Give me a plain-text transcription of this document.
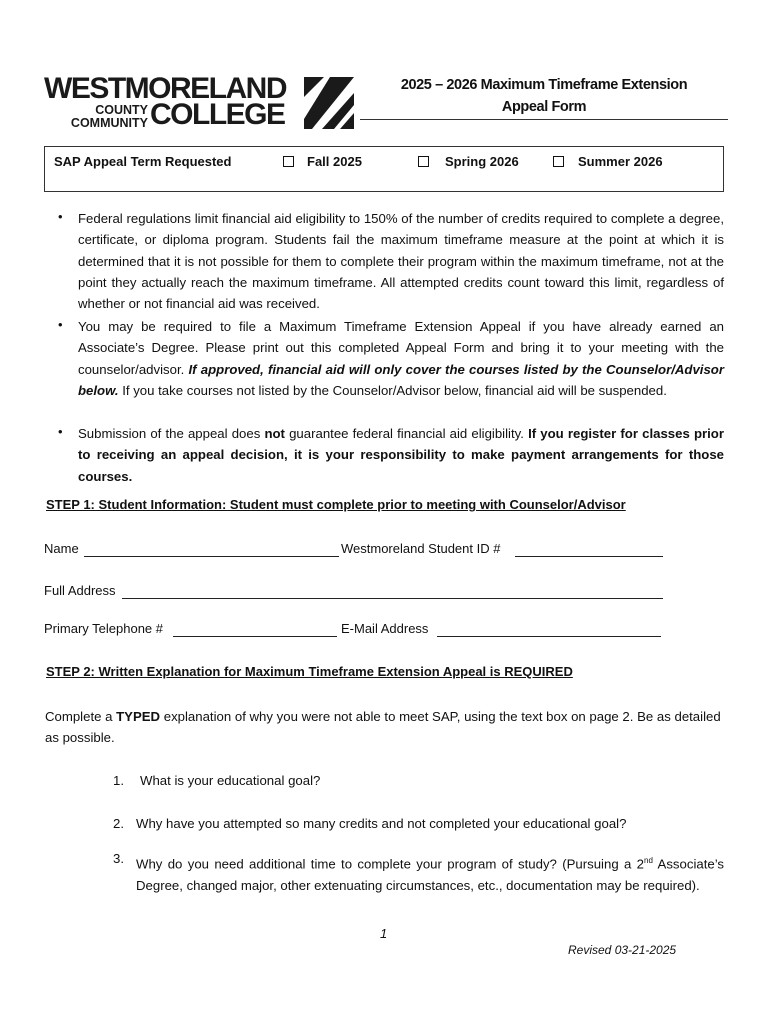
WESTMORELAND
COUNTY
COMMUNITY COLLEGE
2025 – 2026 Maximum Timeframe Extension
Appeal Form
SAP Appeal Term Requested	Fall 2025	Spring 2026	Summer 2026
• Federal regulations limit financial aid eligibility to 150% of the number of credits required to complete a degree, certificate, or diploma program. Students fail the maximum timeframe measure at the point at which it is determined that it is not possible for them to complete their program within the maximum timeframe, not at the point they actually reach the maximum timeframe. All attempted credits count toward this limit, regardless of whether or not financial aid was received.
• You may be required to file a Maximum Timeframe Extension Appeal if you have already earned an Associate’s Degree. Please print out this completed Appeal Form and bring it to your meeting with the counselor/advisor. If approved, financial aid will only cover the courses listed by the Counselor/Advisor below. If you take courses not listed by the Counselor/Advisor below, financial aid will be suspended.
• Submission of the appeal does not guarantee federal financial aid eligibility. If you register for classes prior to receiving an appeal decision, it is your responsibility to make payment arrangements for those courses.
STEP 1: Student Information: Student must complete prior to meeting with Counselor/Advisor
Name	Westmoreland Student ID #
Full Address
Primary Telephone #	E-Mail Address
STEP 2: Written Explanation for Maximum Timeframe Extension Appeal is REQUIRED
Complete a TYPED explanation of why you were not able to meet SAP, using the text box on page 2. Be as detailed as possible.
1. What is your educational goal?
2. Why have you attempted so many credits and not completed your educational goal?
3. Why do you need additional time to complete your program of study? (Pursuing a 2nd Associate’s Degree, changed major, other extenuating circumstances, etc., documentation may be required).
1
Revised 03-21-2025
